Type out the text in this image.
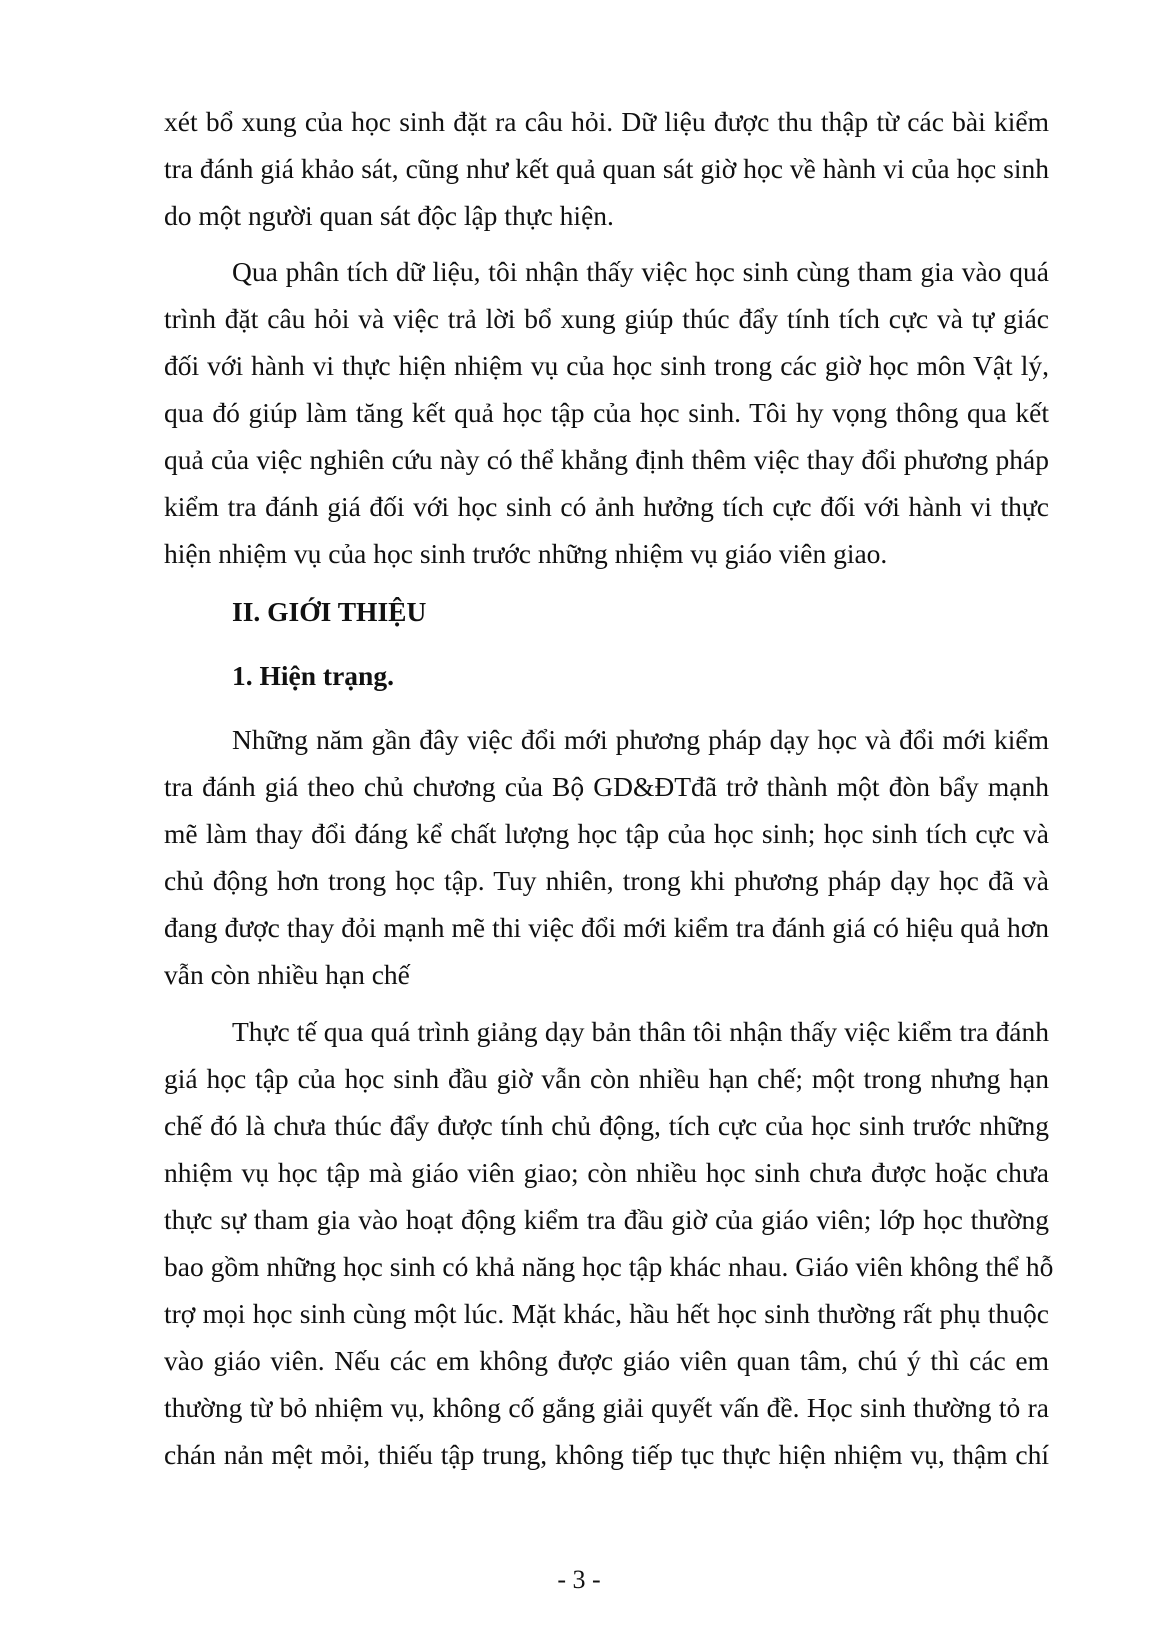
xét bổ xung của học sinh đặt ra câu hỏi. Dữ liệu được thu thập từ các bài kiểm
tra đánh giá khảo sát, cũng như kết quả quan sát giờ học về hành vi của học sinh
do một người quan sát độc lập thực hiện.
Qua phân tích dữ liệu, tôi nhận thấy việc học sinh cùng tham gia vào quá
trình đặt câu hỏi và việc trả lời bổ xung giúp thúc đẩy tính tích cực và tự giác
đối với hành vi thực hiện nhiệm vụ của học sinh trong các giờ học môn Vật lý,
qua đó giúp làm tăng kết quả học tập của học sinh. Tôi hy vọng thông qua kết
quả của việc nghiên cứu này có thể khẳng định thêm việc thay đổi phương pháp
kiểm tra đánh giá đối với học sinh có ảnh hưởng tích cực đối với hành vi thực
hiện nhiệm vụ của học sinh trước những nhiệm vụ giáo viên giao.
II. GIỚI THIỆU
1. Hiện trạng.
Những năm gần đây việc đổi mới phương pháp dạy học và đổi mới kiểm
tra đánh giá theo chủ chương của Bộ GD&ĐTđã trở thành một đòn bẩy mạnh
mẽ làm thay đổi đáng kể chất lượng học tập của học sinh; học sinh tích cực và
chủ động hơn trong học tập. Tuy nhiên, trong khi phương pháp dạy học đã và
đang được thay đỏi mạnh mẽ thi việc đổi mới kiểm tra đánh giá có hiệu quả hơn
vẫn còn nhiều hạn chế
Thực tế qua quá trình giảng dạy bản thân tôi nhận thấy việc kiểm tra đánh
giá học tập của học sinh đầu giờ vẫn còn nhiều hạn chế; một trong nhưng hạn
chế đó là chưa thúc đẩy được tính chủ động, tích cực của học sinh trước những
nhiệm vụ học tập mà giáo viên giao; còn nhiều học sinh chưa được hoặc chưa
thực sự tham gia vào hoạt động kiểm tra đầu giờ của giáo viên; lớp học thường
bao gồm những học sinh có khả năng học tập khác nhau. Giáo viên không thể hỗ
trợ mọi học sinh cùng một lúc. Mặt khác, hầu hết học sinh thường rất phụ thuộc
vào giáo viên. Nếu các em không được giáo viên quan tâm, chú ý thì các em
thường từ bỏ nhiệm vụ, không cố gắng giải quyết vấn đề. Học sinh thường tỏ ra
chán nản mệt mỏi, thiếu tập trung, không tiếp tục thực hiện nhiệm vụ, thậm chí
- 3 -
